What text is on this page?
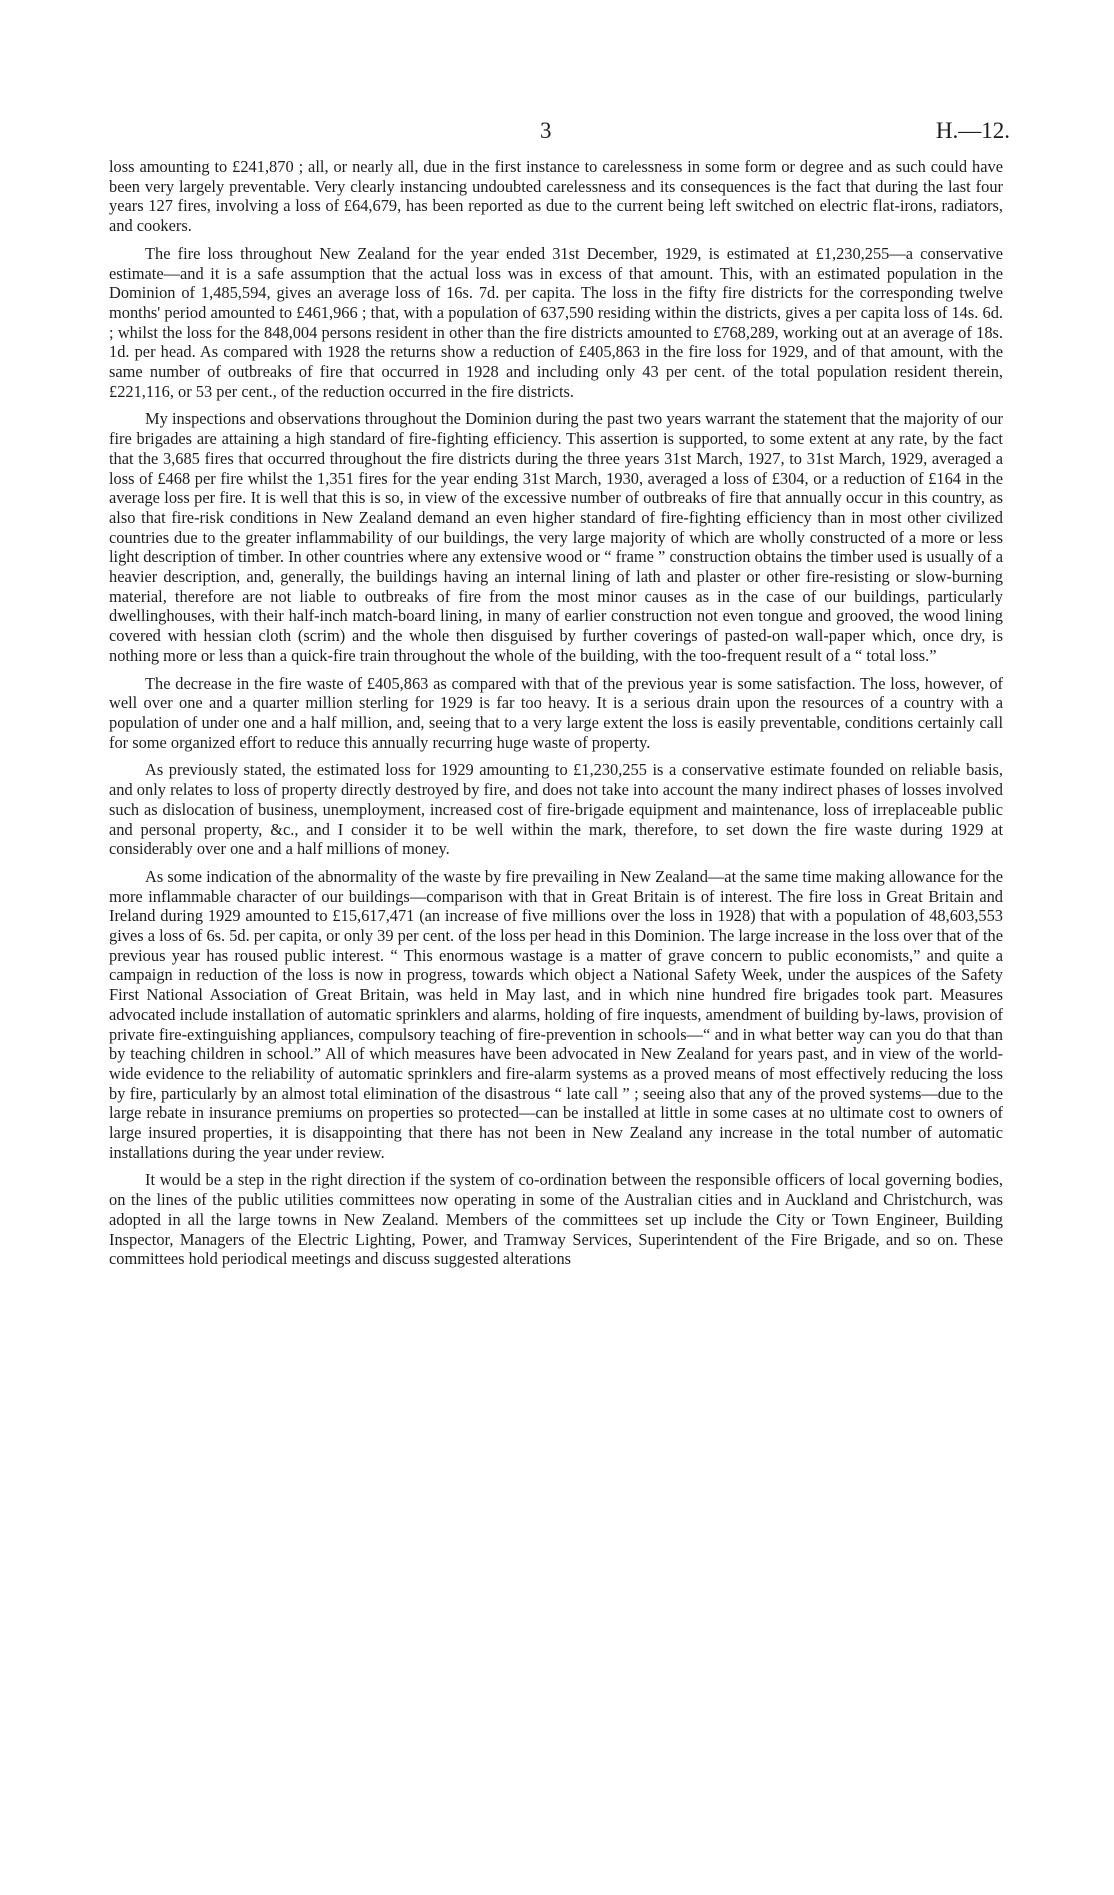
3	H.—12.

loss amounting to £241,870 ; all, or nearly all, due in the first instance to carelessness in some form or degree and as such could have been very largely preventable. Very clearly instancing undoubted carelessness and its consequences is the fact that during the last four years 127 fires, involving a loss of £64,679, has been reported as due to the current being left switched on electric flat-irons, radiators, and cookers.

The fire loss throughout New Zealand for the year ended 31st December, 1929, is estimated at £1,230,255—a conservative estimate—and it is a safe assumption that the actual loss was in excess of that amount. This, with an estimated population in the Dominion of 1,485,594, gives an average loss of 16s. 7d. per capita. The loss in the fifty fire districts for the corresponding twelve months' period amounted to £461,966 ; that, with a population of 637,590 residing within the districts, gives a per capita loss of 14s. 6d. ; whilst the loss for the 848,004 persons resident in other than the fire districts amounted to £768,289, working out at an average of 18s. 1d. per head. As compared with 1928 the returns show a reduction of £405,863 in the fire loss for 1929, and of that amount, with the same number of outbreaks of fire that occurred in 1928 and including only 43 per cent. of the total population resident therein, £221,116, or 53 per cent., of the reduction occurred in the fire districts.

My inspections and observations throughout the Dominion during the past two years warrant the statement that the majority of our fire brigades are attaining a high standard of fire-fighting efficiency. This assertion is supported, to some extent at any rate, by the fact that the 3,685 fires that occurred throughout the fire districts during the three years 31st March, 1927, to 31st March, 1929, averaged a loss of £468 per fire whilst the 1,351 fires for the year ending 31st March, 1930, averaged a loss of £304, or a reduction of £164 in the average loss per fire. It is well that this is so, in view of the excessive number of outbreaks of fire that annually occur in this country, as also that fire-risk conditions in New Zealand demand an even higher standard of fire-fighting efficiency than in most other civilized countries due to the greater inflammability of our buildings, the very large majority of which are wholly constructed of a more or less light description of timber. In other countries where any extensive wood or “ frame ” construction obtains the timber used is usually of a heavier description, and, generally, the buildings having an internal lining of lath and plaster or other fire-resisting or slow-burning material, therefore are not liable to outbreaks of fire from the most minor causes as in the case of our buildings, particularly dwellinghouses, with their half-inch match-board lining, in many of earlier construction not even tongue and grooved, the wood lining covered with hessian cloth (scrim) and the whole then disguised by further coverings of pasted-on wall-paper which, once dry, is nothing more or less than a quick-fire train throughout the whole of the building, with the too-frequent result of a “ total loss.”

The decrease in the fire waste of £405,863 as compared with that of the previous year is some satisfaction. The loss, however, of well over one and a quarter million sterling for 1929 is far too heavy. It is a serious drain upon the resources of a country with a population of under one and a half million, and, seeing that to a very large extent the loss is easily preventable, conditions certainly call for some organized effort to reduce this annually recurring huge waste of property.

As previously stated, the estimated loss for 1929 amounting to £1,230,255 is a conservative estimate founded on reliable basis, and only relates to loss of property directly destroyed by fire, and does not take into account the many indirect phases of losses involved such as dislocation of business, unemployment, increased cost of fire-brigade equipment and maintenance, loss of irreplaceable public and personal property, &c., and I consider it to be well within the mark, therefore, to set down the fire waste during 1929 at considerably over one and a half millions of money.

As some indication of the abnormality of the waste by fire prevailing in New Zealand—at the same time making allowance for the more inflammable character of our buildings—comparison with that in Great Britain is of interest. The fire loss in Great Britain and Ireland during 1929 amounted to £15,617,471 (an increase of five millions over the loss in 1928) that with a population of 48,603,553 gives a loss of 6s. 5d. per capita, or only 39 per cent. of the loss per head in this Dominion. The large increase in the loss over that of the previous year has roused public interest. “ This enormous wastage is a matter of grave concern to public economists,” and quite a campaign in reduction of the loss is now in progress, towards which object a National Safety Week, under the auspices of the Safety First National Association of Great Britain, was held in May last, and in which nine hundred fire brigades took part. Measures advocated include installation of automatic sprinklers and alarms, holding of fire inquests, amendment of building by-laws, provision of private fire-extinguishing appliances, compulsory teaching of fire-prevention in schools—“ and in what better way can you do that than by teaching children in school.” All of which measures have been advocated in New Zealand for years past, and in view of the world-wide evidence to the reliability of automatic sprinklers and fire-alarm systems as a proved means of most effectively reducing the loss by fire, particularly by an almost total elimination of the disastrous “ late call ” ; seeing also that any of the proved systems—due to the large rebate in insurance premiums on properties so protected—can be installed at little in some cases at no ultimate cost to owners of large insured properties, it is disappointing that there has not been in New Zealand any increase in the total number of automatic installations during the year under review.

It would be a step in the right direction if the system of co-ordination between the responsible officers of local governing bodies, on the lines of the public utilities committees now operating in some of the Australian cities and in Auckland and Christchurch, was adopted in all the large towns in New Zealand. Members of the committees set up include the City or Town Engineer, Building Inspector, Managers of the Electric Lighting, Power, and Tramway Services, Superintendent of the Fire Brigade, and so on. These committees hold periodical meetings and discuss suggested alterations
